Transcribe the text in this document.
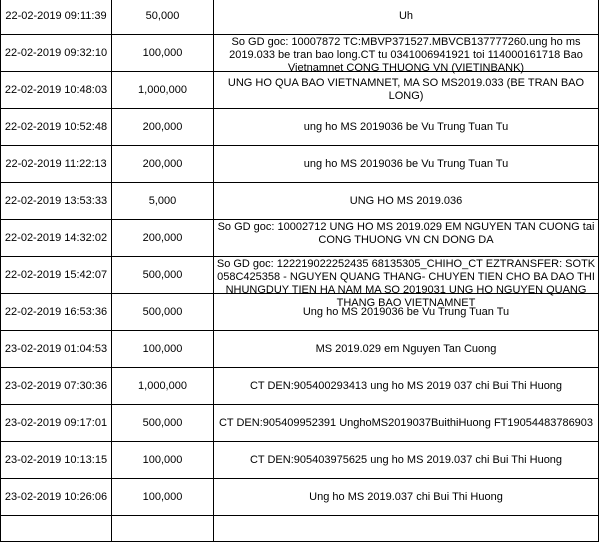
22-02-2019 09:11:39	50,000	Uh

22-02-2019 09:32:10	100,000	So GD goc: 10007872 TC:MBVP371527.MBVCB137777260.ung ho ms 2019.033 be tran bao long.CT tu 0341006941921 toi 114000161718 Bao Vietnamnet CONG THUONG VN (VIETINBANK)

22-02-2019 10:48:03	1,000,000	UNG HO QUA BAO VIETNAMNET, MA SO MS2019.033 (BE TRAN BAO LONG)

22-02-2019 10:52:48	200,000	ung ho MS 2019036 be Vu Trung Tuan Tu

22-02-2019 11:22:13	200,000	ung ho MS 2019036 be Vu Trung Tuan Tu

22-02-2019 13:53:33	5,000	UNG HO MS 2019.036

22-02-2019 14:32:02	200,000	So GD goc: 10002712 UNG HO MS 2019.029 EM NGUYEN TAN CUONG tai CONG THUONG VN CN DONG DA

22-02-2019 15:42:07	500,000	So GD goc: 122219022252435 68135305_CHIHO_CT EZTRANSFER: SOTK 058C425358 - NGUYEN QUANG THANG- CHUYEN TIEN CHO BA DAO THI NHUNGDUY TIEN HA NAM MA SO 2019031 UNG HO NGUYEN QUANG THANG BAO VIETNAMNET

22-02-2019 16:53:36	500,000	Ung ho MS 2019036 be Vu Trung Tuan Tu

23-02-2019 01:04:53	100,000	MS 2019.029 em Nguyen Tan Cuong

23-02-2019 07:30:36	1,000,000	CT DEN:905400293413 ung ho MS 2019 037 chi Bui Thi Huong

23-02-2019 09:17:01	500,000	CT DEN:905409952391 UnghoMS2019037BuithiHuong FT19054483786903

23-02-2019 10:13:15	100,000	CT DEN:905403975625 ung ho MS 2019.037 chi Bui Thi Huong

23-02-2019 10:26:06	100,000	Ung ho MS 2019.037 chi Bui Thi Huong
